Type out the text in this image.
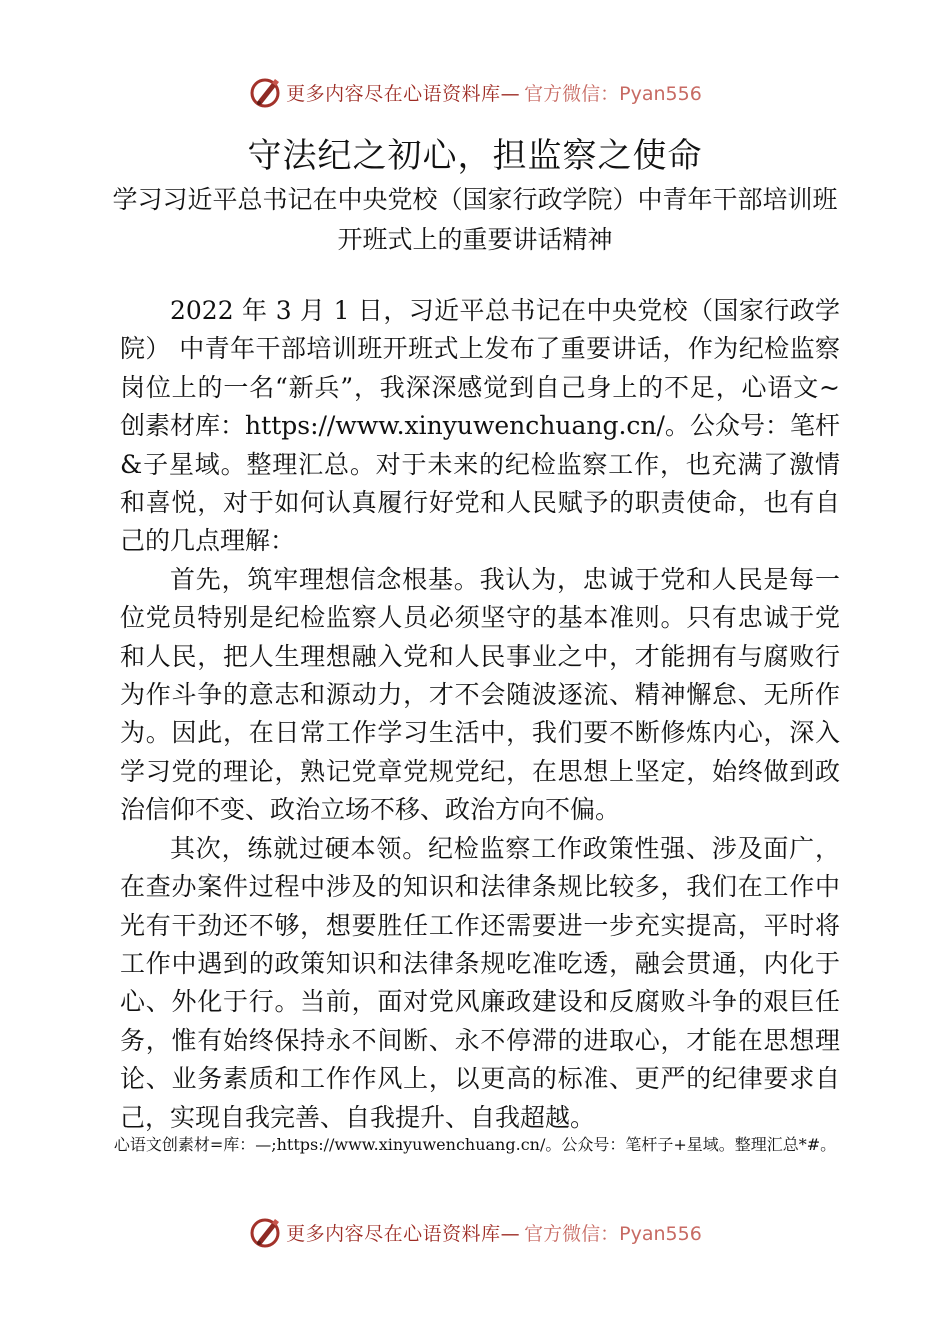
更多内容尽在心语资料库— 官方微信：Pyan556
守法纪之初心，担监察之使命
学习习近平总书记在中央党校（国家行政学院）中青年干部培训班开班式上的重要讲话精神

2022 年 3 月 1 日，习近平总书记在中央党校（国家行政学院） 中青年干部培训班开班式上发布了重要讲话，作为纪检监察岗位上的一名“新兵”，我深深感觉到自己身上的不足，心语文~创素材库：https://www.xinyuwenchuang.cn/。公众号：笔杆&子星域。整理汇总。对于未来的纪检监察工作，也充满了激情和喜悦，对于如何认真履行好党和人民赋予的职责使命，也有自己的几点理解：

首先，筑牢理想信念根基。我认为，忠诚于党和人民是每一位党员特别是纪检监察人员必须坚守的基本准则。只有忠诚于党和人民，把人生理想融入党和人民事业之中，才能拥有与腐败行为作斗争的意志和源动力，才不会随波逐流、精神懈怠、无所作为。因此，在日常工作学习生活中，我们要不断修炼内心，深入学习党的理论，熟记党章党规党纪，在思想上坚定，始终做到政治信仰不变、政治立场不移、政治方向不偏。

其次，练就过硬本领。纪检监察工作政策性强、涉及面广，在查办案件过程中涉及的知识和法律条规比较多，我们在工作中光有干劲还不够，想要胜任工作还需要进一步充实提高，平时将工作中遇到的政策知识和法律条规吃准吃透，融会贯通，内化于心、外化于行。当前，面对党风廉政建设和反腐败斗争的艰巨任务，惟有始终保持永不间断、永不停滞的进取心，才能在思想理论、业务素质和工作作风上，以更高的标准、更严的纪律要求自己，实现自我完善、自我提升、自我超越。

心语文创素材=库：—;https://www.xinyuwenchuang.cn/。公众号：笔杆子+星域。整理汇总*#。
更多内容尽在心语资料库— 官方微信：Pyan556
